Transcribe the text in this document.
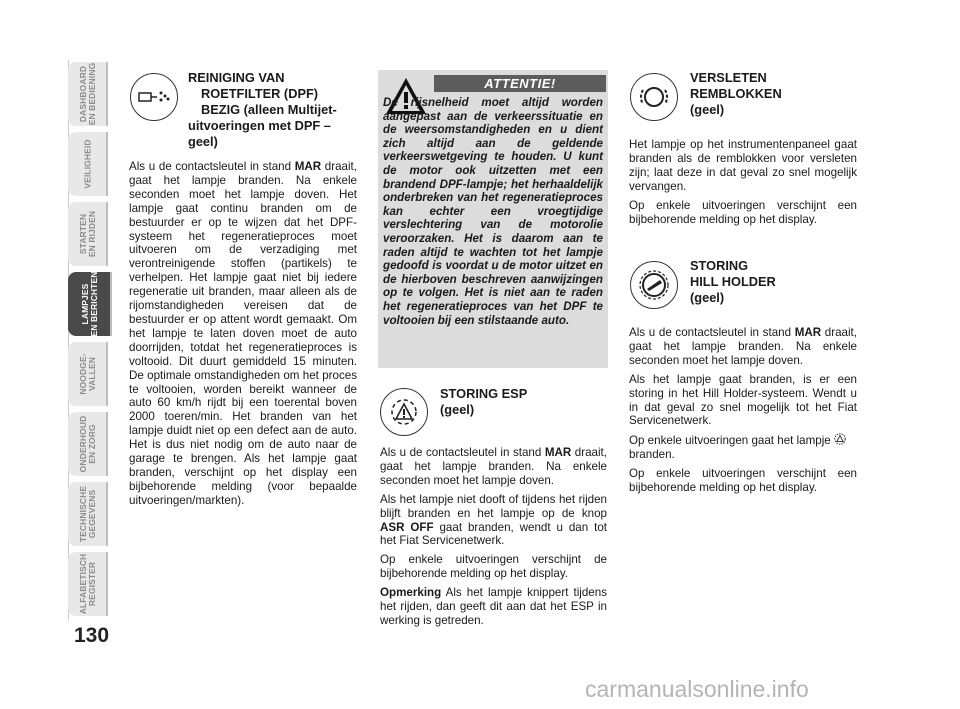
DASHBOARD
EN BEDIENING
VEILIGHEID
STARTEN
EN RIJDEN
LAMPJES
EN BERICHTEN
NOODGE-
VALLEN
ONDERHOUD
EN ZORG
TECHNISCHE
GEGEVENS
ALFABETISCH
REGISTER
130
REINIGING VAN
ROETFILTER (DPF)
BEZIG (alleen Multijet-
uitvoeringen met DPF –
geel)

Als u de contactsleutel in stand MAR draait, gaat het lampje branden. Na enkele seconden moet het lampje doven. Het lampje gaat continu branden om de bestuurder er op te wijzen dat het DPF-systeem het regeneratieproces moet uitvoeren om de verzadiging met verontreinigende stoffen (partikels) te verhelpen. Het lampje gaat niet bij iedere regeneratie uit branden, maar alleen als de rijomstandigheden vereisen dat de bestuurder er op attent wordt gemaakt. Om het lampje te laten doven moet de auto doorrijden, totdat het regeneratieproces is voltooid. Dit duurt gemiddeld 15 minuten. De optimale omstandigheden om het proces te voltooien, worden bereikt wanneer de auto 60 km/h rijdt bij een toerental boven 2000 toeren/min. Het branden van het lampje duidt niet op een defect aan de auto. Het is dus niet nodig om de auto naar de garage te brengen. Als het lampje gaat branden, verschijnt op het display een bijbehorende melding (voor bepaalde uitvoeringen/markten).

ATTENTIE!
De rijsnelheid moet altijd worden aangepast aan de verkeerssituatie en de weersomstandigheden en u dient zich altijd aan de geldende verkeerswetgeving te houden. U kunt de motor ook uitzetten met een brandend DPF-lampje; het herhaaldelijk onderbreken van het regeneratieproces kan echter een vroegtijdige verslechtering van de motorolie veroorzaken. Het is daarom aan te raden altijd te wachten tot het lampje gedoofd is voordat u de motor uitzet en de hierboven beschreven aanwijzingen op te volgen. Het is niet aan te raden het regeneratieproces van het DPF te voltooien bij een stilstaande auto.
STORING ESP
(geel)

Als u de contactsleutel in stand MAR draait, gaat het lampje branden. Na enkele seconden moet het lampje doven.

Als het lampje niet dooft of tijdens het rijden blijft branden en het lampje op de knop ASR OFF gaat branden, wendt u dan tot het Fiat Servicenetwerk.

Op enkele uitvoeringen verschijnt de bijbehorende melding op het display.

Opmerking Als het lampje knippert tijdens het rijden, dan geeft dit aan dat het ESP in werking is getreden.

VERSLETEN
REMBLOKKEN
(geel)

Het lampje op het instrumentenpaneel gaat branden als de remblokken voor versleten zijn; laat deze in dat geval zo snel mogelijk vervangen.

Op enkele uitvoeringen verschijnt een bijbehorende melding op het display.

STORING
HILL HOLDER
(geel)

Als u de contactsleutel in stand MAR draait, gaat het lampje branden. Na enkele seconden moet het lampje doven.

Als het lampje gaat branden, is er een storing in het Hill Holder-systeem. Wendt u in dat geval zo snel mogelijk tot het Fiat Servicenetwerk.

Op enkele uitvoeringen gaat het lampje
branden.

Op enkele uitvoeringen verschijnt een bijbehorende melding op het display.

carmanualsonline.info
